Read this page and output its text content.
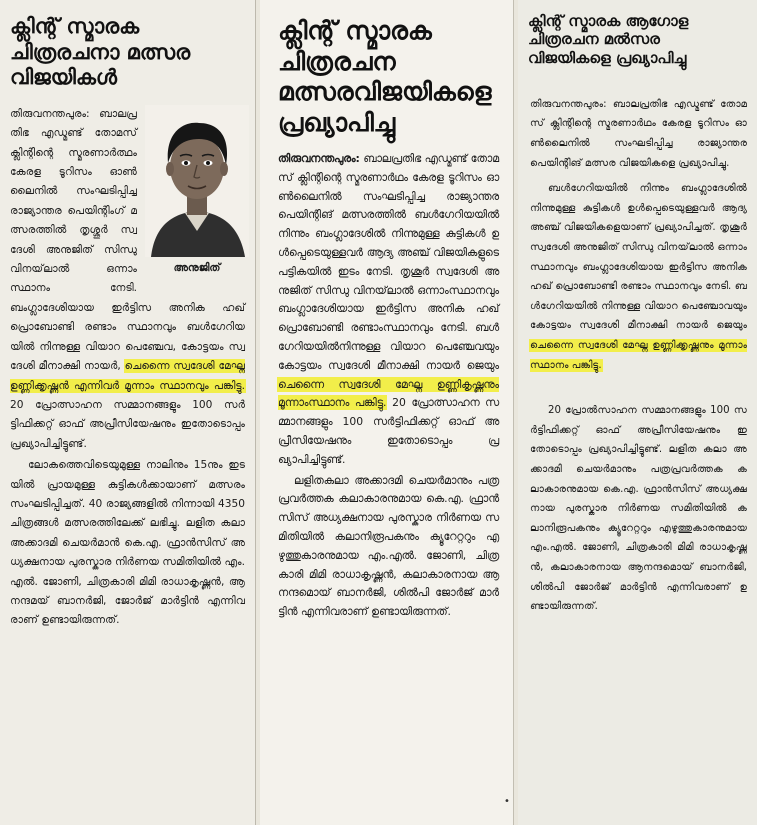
ക്ലിന്റ് സ്മാരക ചിത്രരചനാ മത്സര വിജയികൾ
അനുജിത്

തിരുവനന്തപുരം: ബാലപ്രതിഭ എഡ്മണ്ട് തോമസ് ക്ലിന്റിന്റെ സ്മരണാർത്ഥം കേരള ടൂറിസം ഓൺലൈനിൽ സംഘടിപ്പിച്ച രാജ്യാന്തര പെയിന്റിംഗ് മത്സരത്തിൽ തൃശ്ശൂർ സ്വദേശി അനുജിത് സിന്ധു വിനയ്‌ലാൽ ഒന്നാം സ്ഥാനം നേടി. ബംഗ്ലാദേശിയായ ഇർട്ടിസ അനിക ഹഖ് പ്രൊബോണ്ടി രണ്ടാം സ്ഥാനവും ബൾഗേറിയയിൽ നിന്നുള്ള വിയാറ പെഞ്ചേവ, കോട്ടയം സ്വദേശി മീനാക്ഷി നായർ, ചെന്നൈ സ്വദേശി മേഘ്ന ഉണ്ണിക്കൃഷ്ണൻ എന്നിവർ മൂന്നാം സ്ഥാനവും പങ്കിട്ടു. 20 പ്രോത്സാഹന സമ്മാനങ്ങളും 100 സർട്ടിഫിക്കറ്റ് ഓഫ് അപ്രീസിയേഷനും ഇതോടൊപ്പം പ്രഖ്യാപിച്ചിട്ടുണ്ട്.

ലോകത്തെവിടെയുമുള്ള നാലിനും 15നും ഇടയിൽ പ്രായമുള്ള കുട്ടികൾക്കായാണ് മത്സരം സംഘടിപ്പിച്ചത്. 40 രാജ്യങ്ങളിൽ നിന്നായി 4350 ചിത്രങ്ങൾ മത്സരത്തിലേക്ക് ലഭിച്ചു. ലളിത കലാ അക്കാദമി ചെയർമാൻ കെ.എ. ഫ്രാൻസിസ് അധ്യക്ഷനായ പുരസ്കാര നിർണയ സമിതിയിൽ എം.എൽ. ജോണി, ചിത്രകാരി മിമി രാധാകൃഷ്ണൻ, ആനന്ദമയ് ബാനർജി, ജോർജ് മാർട്ടിൻ എന്നിവരാണ് ഉണ്ടായിരുന്നത്.

ക്ലിന്റ് സ്മാരക ചിത്രരചന മത്സരവിജയികളെ പ്രഖ്യാപിച്ചു

തിരുവനന്തപുരം: ബാലപ്രതിഭ എഡ്മണ്ട് തോമസ് ക്ലിന്റിന്റെ സ്മരണാർഥം കേരള ടൂറിസം ഓൺലൈനിൽ സംഘടിപ്പിച്ച രാജ്യാന്തര പെയിന്റിങ് മത്സരത്തിൽ ബൾഗേറിയയിൽനിന്നും ബംഗ്ലാദേശിൽ നിന്നുമുള്ള കുട്ടികൾ ഉൾപ്പെടെയുള്ളവർ ആദ്യ അഞ്ച് വിജയികളുടെ പട്ടികയിൽ ഇടം നേടി. തൃശൂർ സ്വദേശി അനുജിത് സിന്ധു വിനയ്‌ലാൽ ഒന്നാംസ്ഥാനവും ബംഗ്ലാദേശിയായ ഇർട്ടിസ അനിക ഹഖ് പ്രൊബോണ്ടി രണ്ടാംസ്ഥാനവും നേടി. ബൾഗേറിയയിൽനിന്നുള്ള വിയാറ പെഞ്ചേവയും കോട്ടയം സ്വദേശി മീനാക്ഷി നായർ ജെയും ചെന്നൈ സ്വദേശി മേഘ്ന ഉണ്ണികൃഷ്ണനും മൂന്നാംസ്ഥാനം പങ്കിട്ടു. 20 പ്രോത്സാഹന സമ്മാനങ്ങളും 100 സർട്ടിഫിക്കറ്റ് ഓഫ് അപ്രീസിയേഷനും ഇതോടൊപ്പം പ്രഖ്യാപിച്ചിട്ടുണ്ട്.

ലളിതകലാ അക്കാദമി ചെയർമാനും പത്രപ്രവർത്തക കലാകാരനുമായ കെ.എ. ഫ്രാൻസിസ് അധ്യക്ഷനായ പുരസ്കാര നിർണയ സമിതിയിൽ കലാനിരൂപകനും ക്യൂറേറ്ററും എഴുത്തുകാരനുമായ എം.എൽ. ജോണി, ചിത്രകാരി മിമി രാധാകൃഷ്ണൻ, കലാകാരനായ ആനന്ദമൊയ് ബാനർജി, ശിൽപി ജോർജ് മാർട്ടിൻ എന്നിവരാണ് ഉണ്ടായിരുന്നത്.

•
ക്ലിന്റ് സ്മാരക ആഗോള ചിത്രരചന മൽസര വിജയികളെ പ്രഖ്യാപിച്ചു

തിരുവനന്തപുരം: ബാലപ്രതിഭ എഡ്മണ്ട് തോമസ് ക്ലിന്റിന്റെ സ്മരണാർഥം കേരള ടൂറിസം ഓൺലൈനിൽ സംഘടിപ്പിച്ച രാജ്യാന്തര പെയിന്റിങ് മത്സര വിജയികളെ പ്രഖ്യാപിച്ചു.

ബൾഗേറിയയിൽ നിന്നും ബംഗ്ലാദേശിൽ നിന്നുമുള്ള കുട്ടികൾ ഉൾപ്പെടെയുള്ളവർ ആദ്യ അഞ്ച് വിജയികളെയാണ് പ്രഖ്യാപിച്ചത്. തൃശൂർ സ്വദേശി അനുജിത് സിന്ധു വിനയ്‌ലാൽ ഒന്നാം സ്ഥാനവും ബംഗ്ലാദേശിയായ ഇർട്ടിസ അനിക ഹഖ് പ്രൊബോണ്ടി രണ്ടാം സ്ഥാനവും നേടി. ബൾഗേറിയയിൽ നിന്നുള്ള വിയാറ പെഞ്ചോവയും കോട്ടയം സ്വദേശി മീനാക്ഷി നായർ ജെയും ചെന്നൈ സ്വദേശി മേഘ്ന ഉണ്ണിക്കൃഷ്ണനും മൂന്നാം സ്ഥാനം പങ്കിട്ടു.

20 പ്രോൽസാഹന സമ്മാനങ്ങളും 100 സർട്ടിഫിക്കറ്റ് ഓഫ് അപ്രീസിയേഷനും ഇതോടൊപ്പം പ്രഖ്യാപിച്ചിട്ടുണ്ട്. ലളിത കലാ അക്കാദമി ചെയർമാനും പത്രപ്രവർത്തക കലാകാരനുമായ കെ.എ. ഫ്രാൻസിസ് അധ്യക്ഷനായ പുരസ്കാര നിർണയ സമിതിയിൽ കലാനിരൂപകനും ക്യൂറേറ്ററും എഴുത്തുകാരനുമായ എം.എൽ. ജോണി, ചിത്രകാരി മിമി രാധാകൃഷ്ണൻ, കലാകാരനായ ആനന്ദമൊയ് ബാനർജി, ശിൽപി ജോർജ് മാർട്ടിൻ എന്നിവരാണ് ഉണ്ടായിരുന്നത്.
